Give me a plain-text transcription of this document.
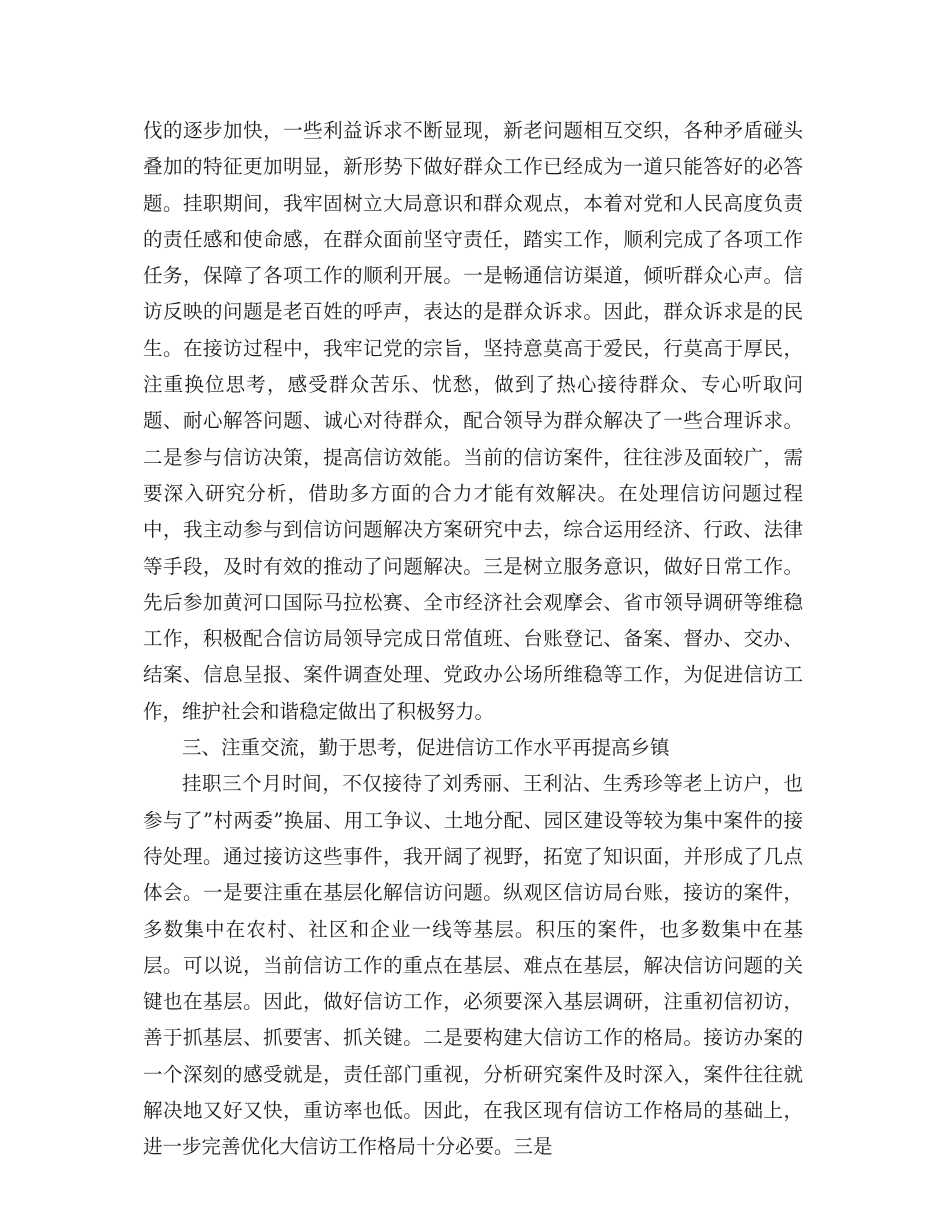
伐的逐步加快，一些利益诉求不断显现，新老问题相互交织，各种矛盾碰头叠加的特征更加明显，新形势下做好群众工作已经成为一道只能答好的必答题。挂职期间，我牢固树立大局意识和群众观点，本着对党和人民高度负责的责任感和使命感，在群众面前坚守责任，踏实工作，顺利完成了各项工作任务，保障了各项工作的顺利开展。一是畅通信访渠道，倾听群众心声。信访反映的问题是老百姓的呼声，表达的是群众诉求。因此，群众诉求是的民生。在接访过程中，我牢记党的宗旨，坚持意莫高于爱民，行莫高于厚民，注重换位思考，感受群众苦乐、忧愁，做到了热心接待群众、专心听取问题、耐心解答问题、诚心对待群众，配合领导为群众解决了一些合理诉求。二是参与信访决策，提高信访效能。当前的信访案件，往往涉及面较广，需要深入研究分析，借助多方面的合力才能有效解决。在处理信访问题过程中，我主动参与到信访问题解决方案研究中去，综合运用经济、行政、法律等手段，及时有效的推动了问题解决。三是树立服务意识，做好日常工作。先后参加黄河口国际马拉松赛、全市经济社会观摩会、省市领导调研等维稳工作，积极配合信访局领导完成日常值班、台账登记、备案、督办、交办、结案、信息呈报、案件调查处理、党政办公场所维稳等工作，为促进信访工作，维护社会和谐稳定做出了积极努力。

三、注重交流，勤于思考，促进信访工作水平再提高乡镇

挂职三个月时间，不仅接待了刘秀丽、王利沾、生秀珍等老上访户，也参与了”村两委”换届、用工争议、土地分配、园区建设等较为集中案件的接待处理。通过接访这些事件，我开阔了视野，拓宽了知识面，并形成了几点体会。一是要注重在基层化解信访问题。纵观区信访局台账，接访的案件，多数集中在农村、社区和企业一线等基层。积压的案件，也多数集中在基层。可以说，当前信访工作的重点在基层、难点在基层，解决信访问题的关键也在基层。因此，做好信访工作，必须要深入基层调研，注重初信初访，善于抓基层、抓要害、抓关键。二是要构建大信访工作的格局。接访办案的一个深刻的感受就是，责任部门重视，分析研究案件及时深入，案件往往就解决地又好又快，重访率也低。因此，在我区现有信访工作格局的基础上，进一步完善优化大信访工作格局十分必要。三是
